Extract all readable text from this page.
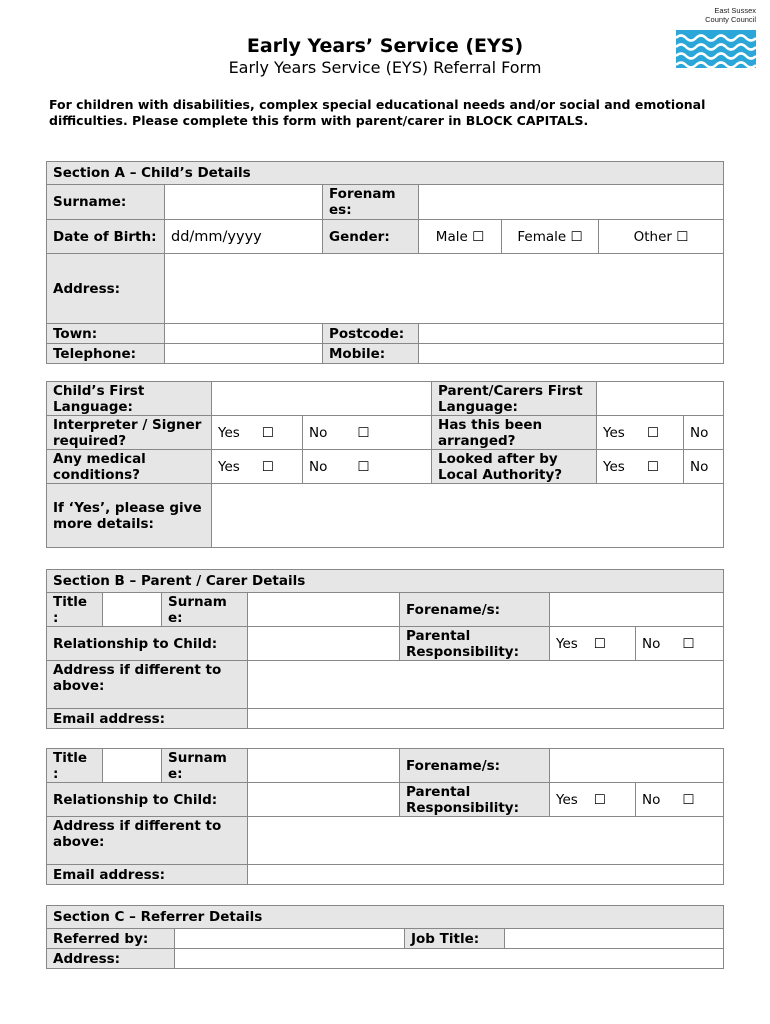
East Sussex
County Council
Early Years’ Service (EYS)
Early Years Service (EYS) Referral Form
For children with disabilities, complex special educational needs and/or social and emotional difficulties. Please complete this form with parent/carer in BLOCK CAPITALS.
Section A – Child’s Details					
Surname:		Forenam es:			
Date of Birth:	dd/mm/yyyy	Gender:	Male ☐	Female ☐	Other ☐
Address:					
Town:		Postcode:			
Telephone:		Mobile:			
Child’s First Language:			Parent/Carers First Language:		
Interpreter / Signer required?	Yes ☐	No ☐	Has this been arranged?	Yes ☐	No
Any medical conditions?	Yes ☐	No ☐	Looked after by Local Authority?	Yes ☐	No
If ‘Yes’, please give more details:					
Section B – Parent / Carer Details						
Title :		Surnam e:		Forename/s:		
Relationship to Child:				Parental Responsibility:	Yes ☐	No ☐
Address if different to above:						
Email address:						
Title :		Surnam e:		Forename/s:		
Relationship to Child:				Parental Responsibility:	Yes ☐	No ☐
Address if different to above:						
Email address:						
Section C – Referrer Details			
Referred by:		Job Title:	
Address:			
